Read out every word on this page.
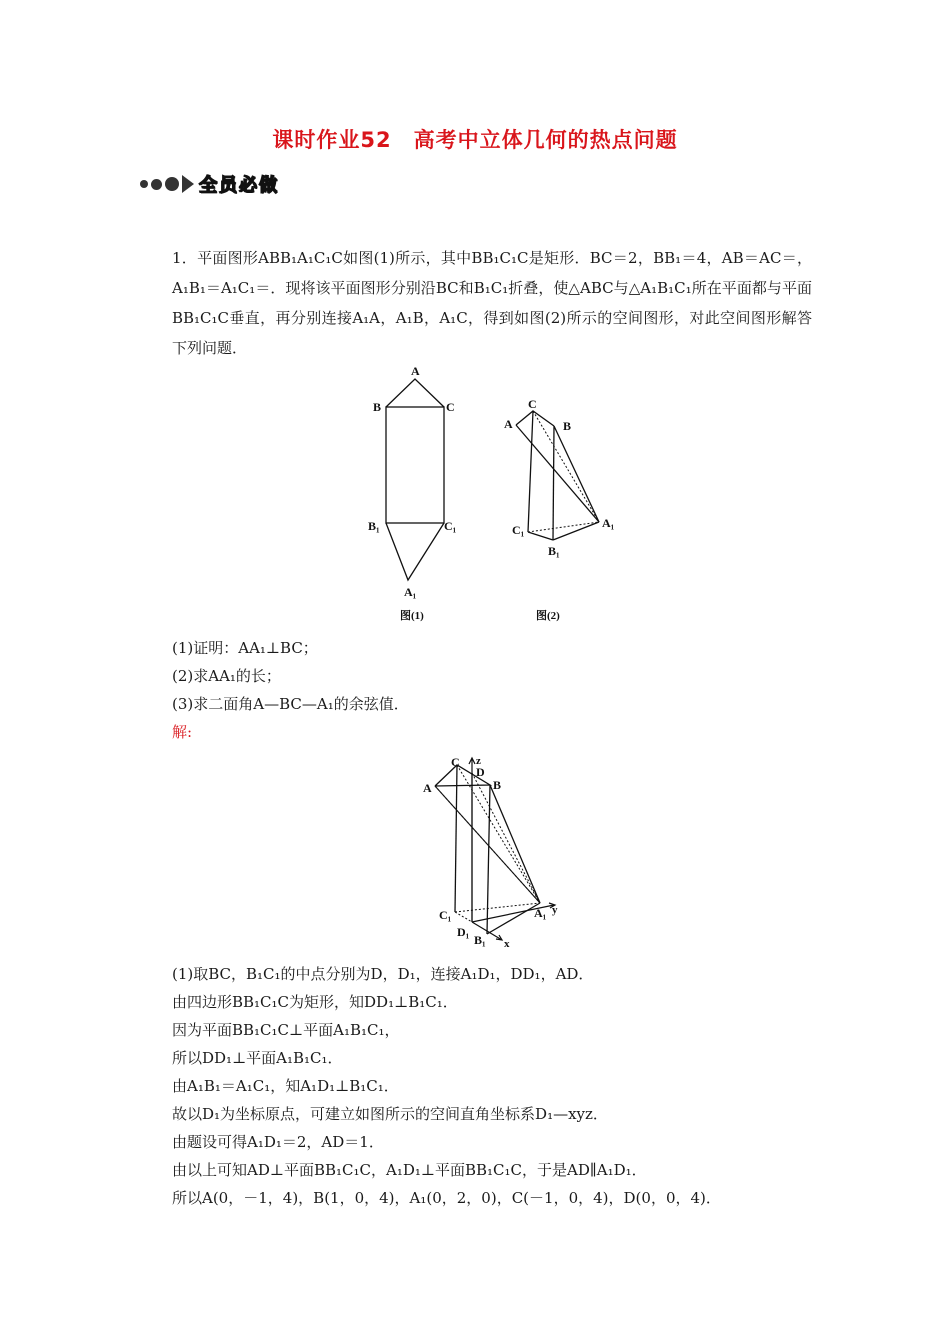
课时作业52　高考中立体几何的热点问题
全员必做
1．平面图形ABB₁A₁C₁C如图(1)所示，其中BB₁C₁C是矩形．BC＝2，BB₁＝4，AB＝AC＝，A₁B₁＝A₁C₁＝．现将该平面图形分别沿BC和B₁C₁折叠，使△ABC与△A₁B₁C₁所在平面都与平面BB₁C₁C垂直，再分别连接A₁A，A₁B，A₁C，得到如图(2)所示的空间图形，对此空间图形解答下列问题．
A
B	C
B₁	C₁
A₁
图(1)
C
A	B
C₁
B₁
A₁
图(2)
(1)证明：AA₁⊥BC；
(2)求AA₁的长；
(3)求二面角A—BC—A₁的余弦值．
解:
C z
D
B
A
C₁
D₁
B₁ x
A₁ y
(1)取BC，B₁C₁的中点分别为D，D₁，连接A₁D₁，DD₁，AD．
由四边形BB₁C₁C为矩形，知DD₁⊥B₁C₁．
因为平面BB₁C₁C⊥平面A₁B₁C₁，
所以DD₁⊥平面A₁B₁C₁．
由A₁B₁＝A₁C₁，知A₁D₁⊥B₁C₁．
故以D₁为坐标原点，可建立如图所示的空间直角坐标系D₁—xyz．
由题设可得A₁D₁＝2，AD＝1．
由以上可知AD⊥平面BB₁C₁C，A₁D₁⊥平面BB₁C₁C，于是AD∥A₁D₁．
所以A(0，－1，4)，B(1，0，4)，A₁(0，2，0)，C(－1，0，4)，D(0，0，4)．
